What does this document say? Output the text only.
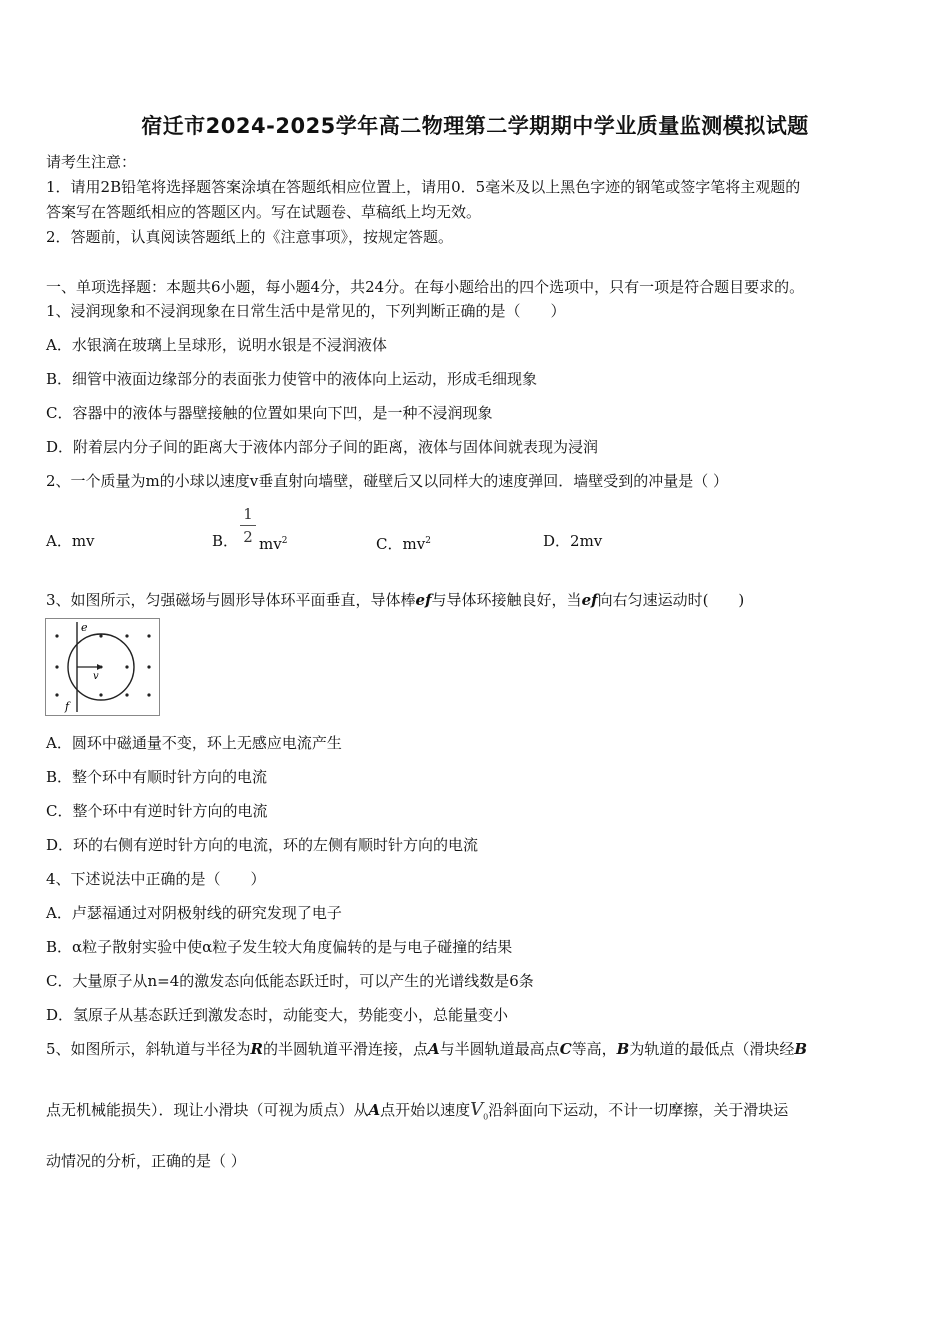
宿迁市2024-2025学年高二物理第二学期期中学业质量监测模拟试题
请考生注意：
1．请用2B铅笔将选择题答案涂填在答题纸相应位置上，请用0．5毫米及以上黑色字迹的钢笔或签字笔将主观题的
答案写在答题纸相应的答题区内。写在试题卷、草稿纸上均无效。
2．答题前，认真阅读答题纸上的《注意事项》，按规定答题。
一、单项选择题：本题共6小题，每小题4分，共24分。在每小题给出的四个选项中，只有一项是符合题目要求的。
1、浸润现象和不浸润现象在日常生活中是常见的，下列判断正确的是（　　）
A．水银滴在玻璃上呈球形，说明水银是不浸润液体
B．细管中液面边缘部分的表面张力使管中的液体向上运动，形成毛细现象
C．容器中的液体与器壁接触的位置如果向下凹，是一种不浸润现象
D．附着层内分子间的距离大于液体内部分子间的距离，液体与固体间就表现为浸润
2、一个质量为m的小球以速度v垂直射向墙壁，碰壁后又以同样大的速度弹回．墙壁受到的冲量是（ ）
A．mv	B．
1
2 $mv^2$	C．$mv^2$	D．2mv
3、如图所示，匀强磁场与圆形导体环平面垂直，导体棒ef与导体环接触良好，当ef向右匀速运动时(　　)
e
f
v
A．圆环中磁通量不变，环上无感应电流产生
B．整个环中有顺时针方向的电流
C．整个环中有逆时针方向的电流
D．环的右侧有逆时针方向的电流，环的左侧有顺时针方向的电流
4、下述说法中正确的是（　　）
A．卢瑟福通过对阴极射线的研究发现了电子
B．α粒子散射实验中使α粒子发生较大角度偏转的是与电子碰撞的结果
C．大量原子从n=4的激发态向低能态跃迁时，可以产生的光谱线数是6条
D．氢原子从基态跃迁到激发态时，动能变大，势能变小，总能量变小
5、如图所示，斜轨道与半径为R的半圆轨道平滑连接，点A与半圆轨道最高点C等高，B为轨道的最低点（滑块经B
点无机械能损失）．现让小滑块（可视为质点）从A点开始以速度$V_0$沿斜面向下运动，不计一切摩擦，关于滑块运
动情况的分析，正确的是（ ）
